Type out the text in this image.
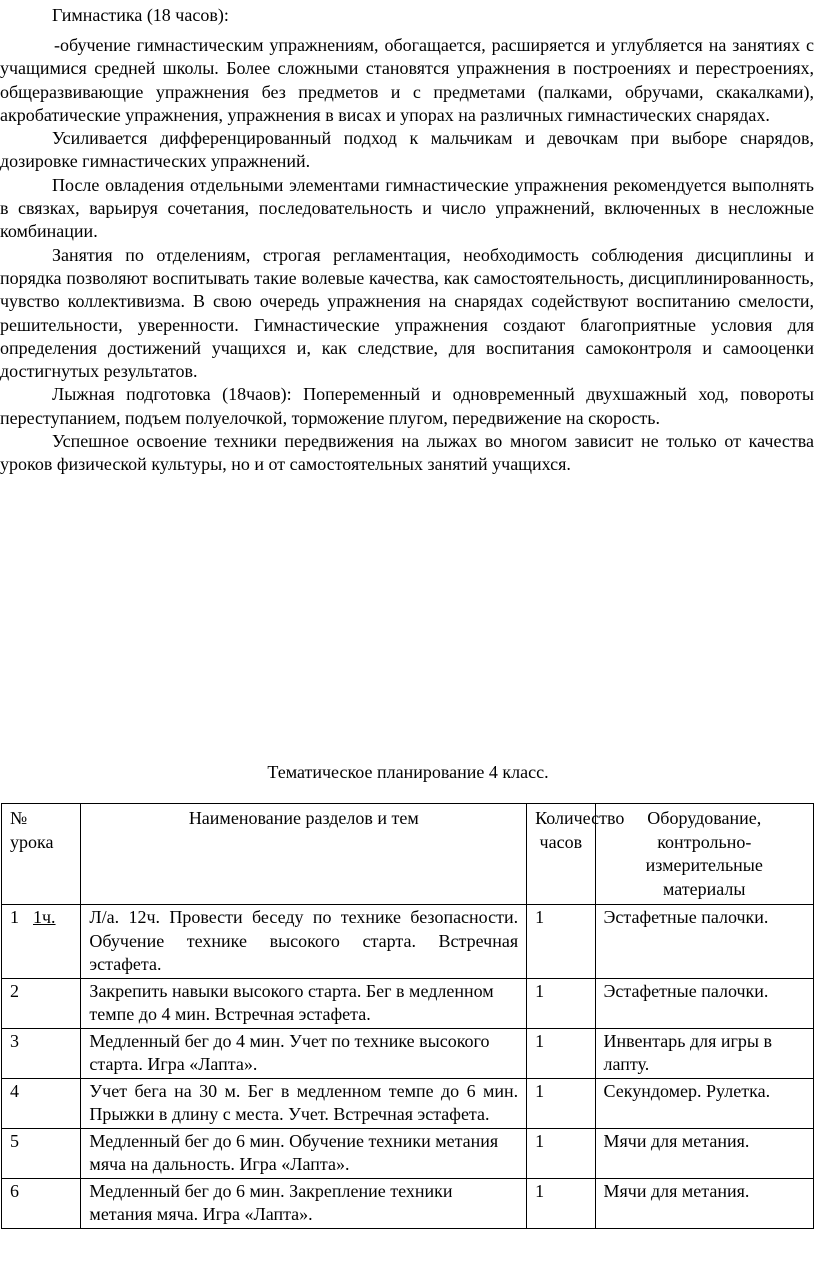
Гимнастика (18 часов):

-обучение гимнастическим упражнениям, обогащается, расширяется и углубляется на занятиях с учащимися средней школы. Более сложными становятся упражнения в построениях и перестроениях, общеразвивающие упражнения без предметов и с предметами (палками, обручами, скакалками), акробатические упражнения, упражнения в висах и упорах на различных гимнастических снарядах.

Усиливается дифференцированный подход к мальчикам и девочкам при выборе снарядов, дозировке гимнастических упражнений.

После овладения отдельными элементами гимнастические упражнения рекомендуется выполнять в связках, варьируя сочетания, последовательность и число упражнений, включенных в несложные комбинации.

Занятия по отделениям, строгая регламентация, необходимость соблюдения дисциплины и порядка позволяют воспитывать такие волевые качества, как самостоятельность, дисциплинированность, чувство коллективизма. В свою очередь упражнения на снарядах содействуют воспитанию смелости, решительности, уверенности. Гимнастические упражнения создают благоприятные условия для определения достижений учащихся и, как следствие, для воспитания самоконтроля и самооценки достигнутых результатов.

Лыжная подготовка (18чаов): Попеременный и одновременный двухшажный ход, повороты переступанием, подъем полуелочкой, торможение плугом, передвижение на скорость.

Успешное освоение техники передвижения на лыжах во многом зависит не только от качества уроков физической культуры, но и от самостоятельных занятий учащихся.

Тематическое планирование 4 класс.
№ урока	Наименование разделов и тем	Количество часов	Оборудование, контрольно-измерительные материалы
1 1ч.	Л/а. 12ч. Провести беседу по технике безопасности. Обучение технике высокого старта. Встречная эстафета.	1	Эстафетные палочки.
2	Закрепить навыки высокого старта. Бег в медленном темпе до 4 мин. Встречная эстафета.	1	Эстафетные палочки.
3	Медленный бег до 4 мин. Учет по технике высокого старта. Игра «Лапта».	1	Инвентарь для игры в лапту.
4	Учет бега на 30 м. Бег в медленном темпе до 6 мин. Прыжки в длину с места. Учет. Встречная эстафета.	1	Секундомер. Рулетка.
5	Медленный бег до 6 мин. Обучение техники метания мяча на дальность. Игра «Лапта».	1	Мячи для метания.
6	Медленный бег до 6 мин. Закрепление техники метания мяча. Игра «Лапта».	1	Мячи для метания.
